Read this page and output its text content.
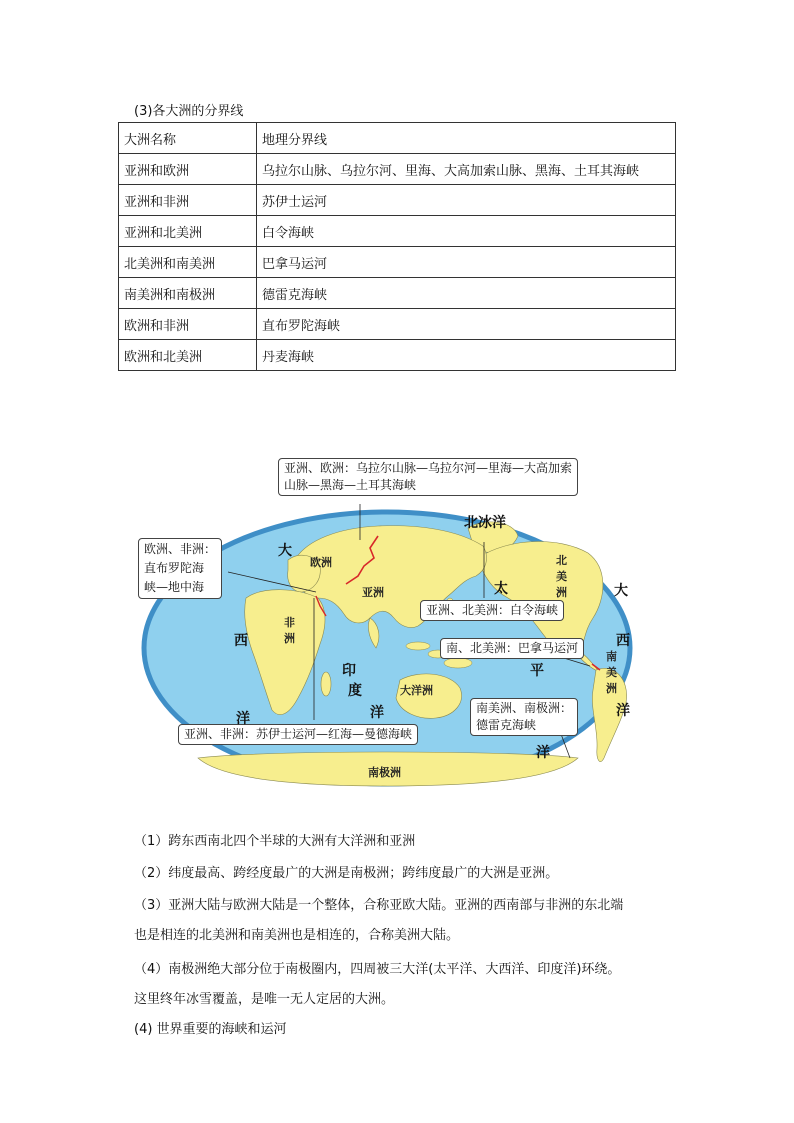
(3)各大洲的分界线
大洲名称	地理分界线
亚洲和欧洲	乌拉尔山脉、乌拉尔河、里海、大高加索山脉、黑海、土耳其海峡
亚洲和非洲	苏伊士运河
亚洲和北美洲	白令海峡
北美洲和南美洲	巴拿马运河
南美洲和南极洲	德雷克海峡
欧洲和非洲	直布罗陀海峡
欧洲和北美洲	丹麦海峡
亚洲、欧洲：乌拉尔山脉—乌拉尔河—里海—大高加索
山脉—黑海—土耳其海峡
欧洲、非洲：
直布罗陀海
峡—地中海
亚洲、北美洲：白令海峡
南、北美洲：巴拿马运河
南美洲、南极洲：
德雷克海峡
亚洲、非洲：苏伊士运河—红海—曼德海峡
欧洲
亚洲
非
洲
大洋洲
北
美
洲
南
美
洲
南极洲
北冰洋
太
平
洋
大
西
洋
大
西
洋
印
度
洋
（1）跨东西南北四个半球的大洲有大洋洲和亚洲
（2）纬度最高、跨经度最广的大洲是南极洲；跨纬度最广的大洲是亚洲。
（3）亚洲大陆与欧洲大陆是一个整体，合称亚欧大陆。亚洲的西南部与非洲的东北端
也是相连的北美洲和南美洲也是相连的，合称美洲大陆。
（4）南极洲绝大部分位于南极圈内，四周被三大洋(太平洋、大西洋、印度洋)环绕。
这里终年冰雪覆盖，是唯一无人定居的大洲。
(4) 世界重要的海峡和运河
